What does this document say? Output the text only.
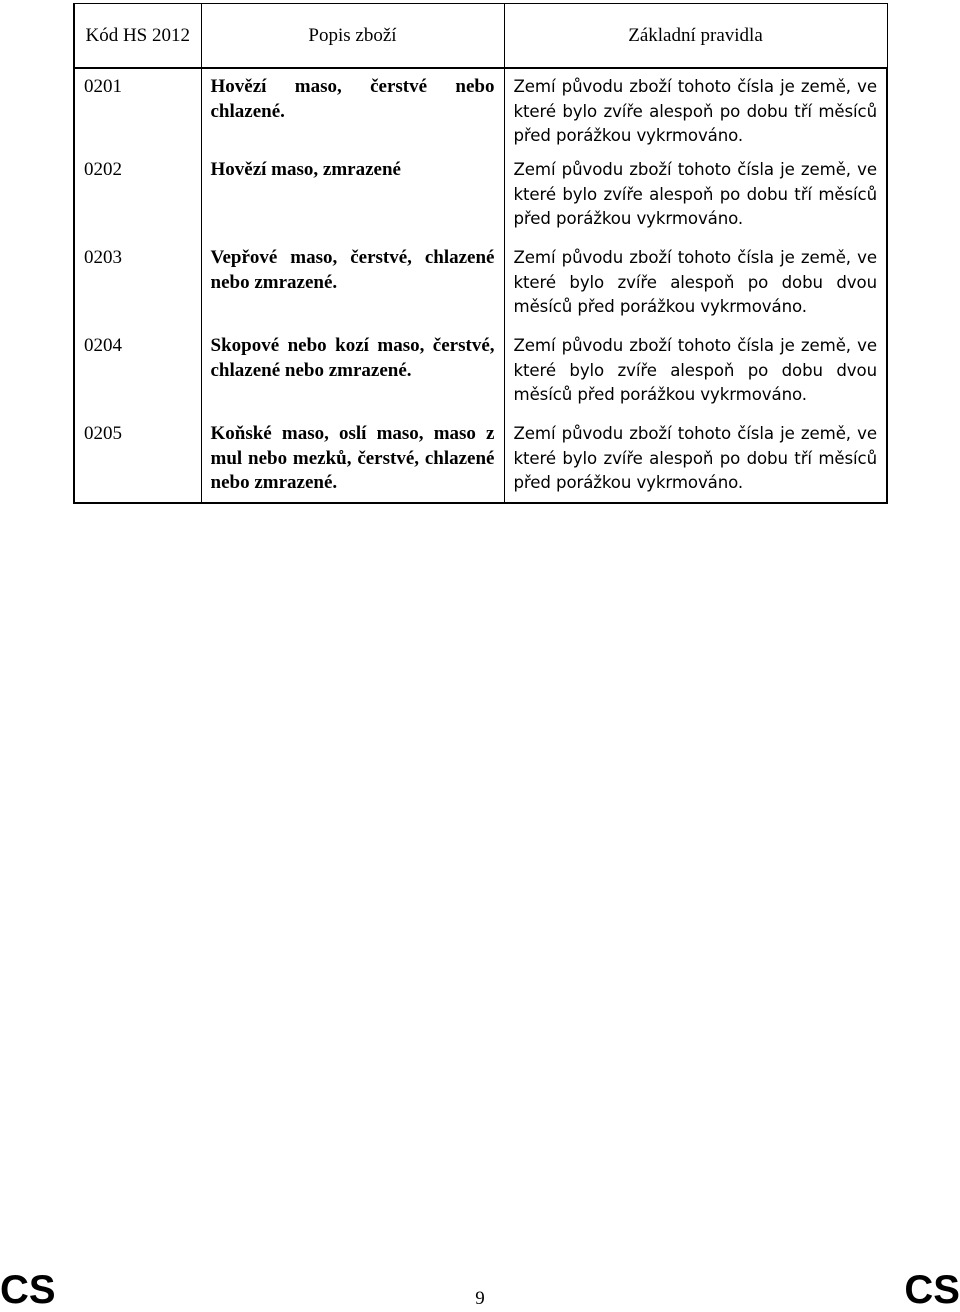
Kód HS 2012	Popis zboží	Základní pravidla
0201	Hovězí maso, čerstvé nebo chlazené.	Zemí původu zboží tohoto čísla je země, ve které bylo zvíře alespoň po dobu tří měsíců před porážkou vykrmováno.
0202	Hovězí maso, zmrazené	Zemí původu zboží tohoto čísla je země, ve které bylo zvíře alespoň po dobu tří měsíců před porážkou vykrmováno.
0203	Vepřové maso, čerstvé, chlazené nebo zmrazené.	Zemí původu zboží tohoto čísla je země, ve které bylo zvíře alespoň po dobu dvou měsíců před porážkou vykrmováno.
0204	Skopové nebo kozí maso, čerstvé, chlazené nebo zmrazené.	Zemí původu zboží tohoto čísla je země, ve které bylo zvíře alespoň po dobu dvou měsíců před porážkou vykrmováno.
0205	Koňské maso, oslí maso, maso z mul nebo mezků, čerstvé, chlazené nebo zmrazené.	Zemí původu zboží tohoto čísla je země, ve které bylo zvíře alespoň po dobu tří měsíců před porážkou vykrmováno.
CS	9	CS
